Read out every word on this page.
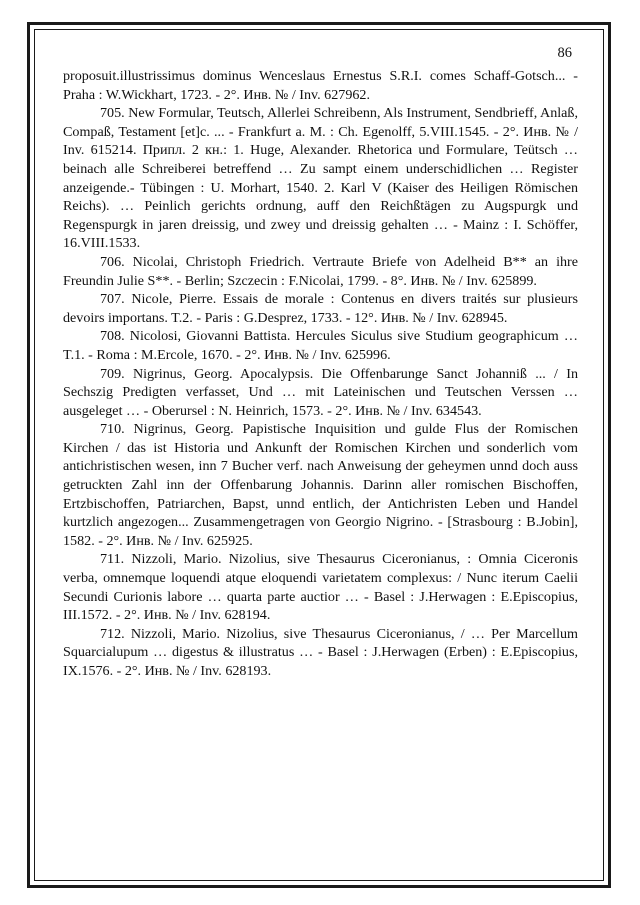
86

proposuit.illustrissimus dominus Wenceslaus Ernestus S.R.I. comes Schaff-Gotsch... - Praha : W.Wickhart, 1723. - 2°. Инв. № / Inv. 627962.

705. New Formular, Teutsch, Allerlei Schreibenn, Als Instrument, Sendbrieff, Anlaß, Compaß, Testament [et]c. ... - Frankfurt a. M. : Ch. Egenolff, 5.VIII.1545. - 2°. Инв. № / Inv. 615214. Припл. 2 кн.: 1. Huge, Alexander. Rhetorica und Formulare, Teütsch … beinach alle Schreiberei betreffend … Zu sampt einem underschidlichen … Register anzeigende.- Tübingen : U. Morhart, 1540. 2. Karl V (Kaiser des Heiligen Römischen Reichs). … Peinlich gerichts ordnung, auff den Reichßtägen zu Augspurgk und Regenspurgk in jaren dreissig, und zwey und dreissig gehalten … - Mainz : I. Schöffer, 16.VIII.1533.

706. Nicolai, Christoph Friedrich. Vertraute Briefe von Adelheid B** an ihre Freundin Julie S**. - Berlin; Szczecin : F.Nicolai, 1799. - 8°. Инв. № / Inv. 625899.

707. Nicole, Pierre. Essais de morale : Contenus en divers traités sur plusieurs devoirs importans. T.2. - Paris : G.Desprez, 1733. - 12°. Инв. № / Inv. 628945.

708. Nicolosi, Giovanni Battista. Hercules Siculus sive Studium geographicum … T.1. - Roma : M.Ercole, 1670. - 2°. Инв. № / Inv. 625996.

709. Nigrinus, Georg. Apocalypsis. Die Offenbarunge Sanct Johanniß ... / In Sechszig Predigten verfasset, Und … mit Lateinischen und Teutschen Verssen … ausgeleget … - Oberursel : N. Heinrich, 1573. - 2°. Инв. № / Inv. 634543.

710. Nigrinus, Georg. Papistische Inquisition und gulde Flus der Romischen Kirchen / das ist Historia und Ankunft der Romischen Kirchen und sonderlich vom antichristischen wesen, inn 7 Bucher verf. nach Anweisung der geheymen unnd doch auss getruckten Zahl inn der Offenbarung Johannis. Darinn aller romischen Bischoffen, Ertzbischoffen, Patriarchen, Bapst, unnd entlich, der Antichristen Leben und Handel kurtzlich angezogen... Zusammengetragen von Georgio Nigrino. - [Strasbourg : B.Jobin], 1582. - 2°. Инв. № / Inv. 625925.

711. Nizzoli, Mario. Nizolius, sive Thesaurus Ciceronianus, : Omnia Ciceronis verba, omnemque loquendi atque eloquendi varietatem complexus: / Nunc iterum Caelii Secundi Curionis labore … quarta parte auctior … - Basel : J.Herwagen : E.Episcopius, III.1572. - 2°. Инв. № / Inv. 628194.

712. Nizzoli, Mario. Nizolius, sive Thesaurus Ciceronianus, / … Per Marcellum Squarcialupum … digestus & illustratus … - Basel : J.Herwagen (Erben) : E.Episcopius, IX.1576. - 2°. Инв. № / Inv. 628193.
